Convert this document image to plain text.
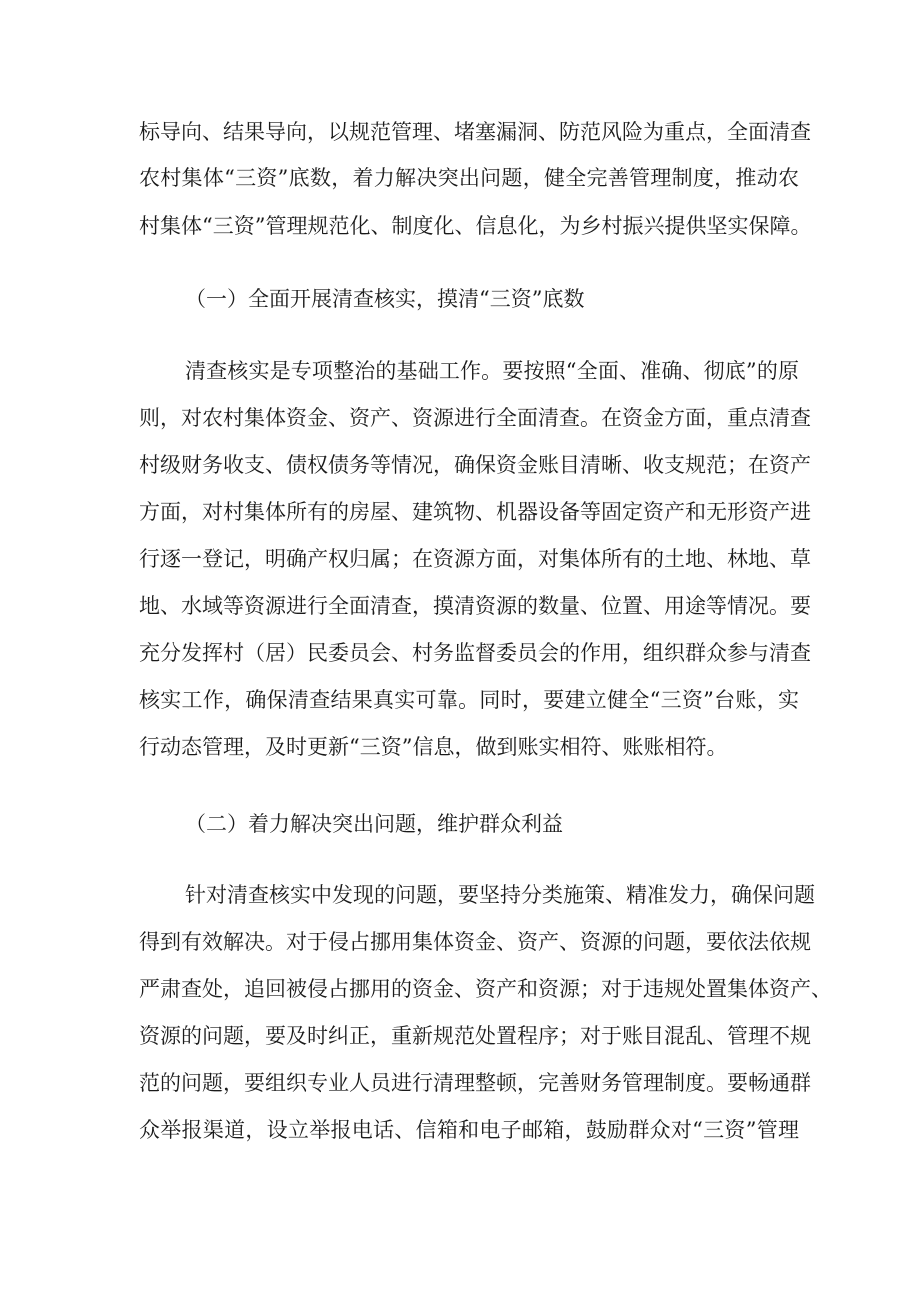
标导向、结果导向，以规范管理、堵塞漏洞、防范风险为重点，全面清查
农村集体“三资”底数，着力解决突出问题，健全完善管理制度，推动农
村集体“三资”管理规范化、制度化、信息化，为乡村振兴提供坚实保障。
（一）全面开展清查核实，摸清“三资”底数
清查核实是专项整治的基础工作。要按照“全面、准确、彻底”的原
则，对农村集体资金、资产、资源进行全面清查。在资金方面，重点清查
村级财务收支、债权债务等情况，确保资金账目清晰、收支规范；在资产
方面，对村集体所有的房屋、建筑物、机器设备等固定资产和无形资产进
行逐一登记，明确产权归属；在资源方面，对集体所有的土地、林地、草
地、水域等资源进行全面清查，摸清资源的数量、位置、用途等情况。要
充分发挥村（居）民委员会、村务监督委员会的作用，组织群众参与清查
核实工作，确保清查结果真实可靠。同时，要建立健全“三资”台账，实
行动态管理，及时更新“三资”信息，做到账实相符、账账相符。
（二）着力解决突出问题，维护群众利益
针对清查核实中发现的问题，要坚持分类施策、精准发力，确保问题
得到有效解决。对于侵占挪用集体资金、资产、资源的问题，要依法依规
严肃查处，追回被侵占挪用的资金、资产和资源；对于违规处置集体资产、
资源的问题，要及时纠正，重新规范处置程序；对于账目混乱、管理不规
范的问题，要组织专业人员进行清理整顿，完善财务管理制度。要畅通群
众举报渠道，设立举报电话、信箱和电子邮箱，鼓励群众对“三资”管理
